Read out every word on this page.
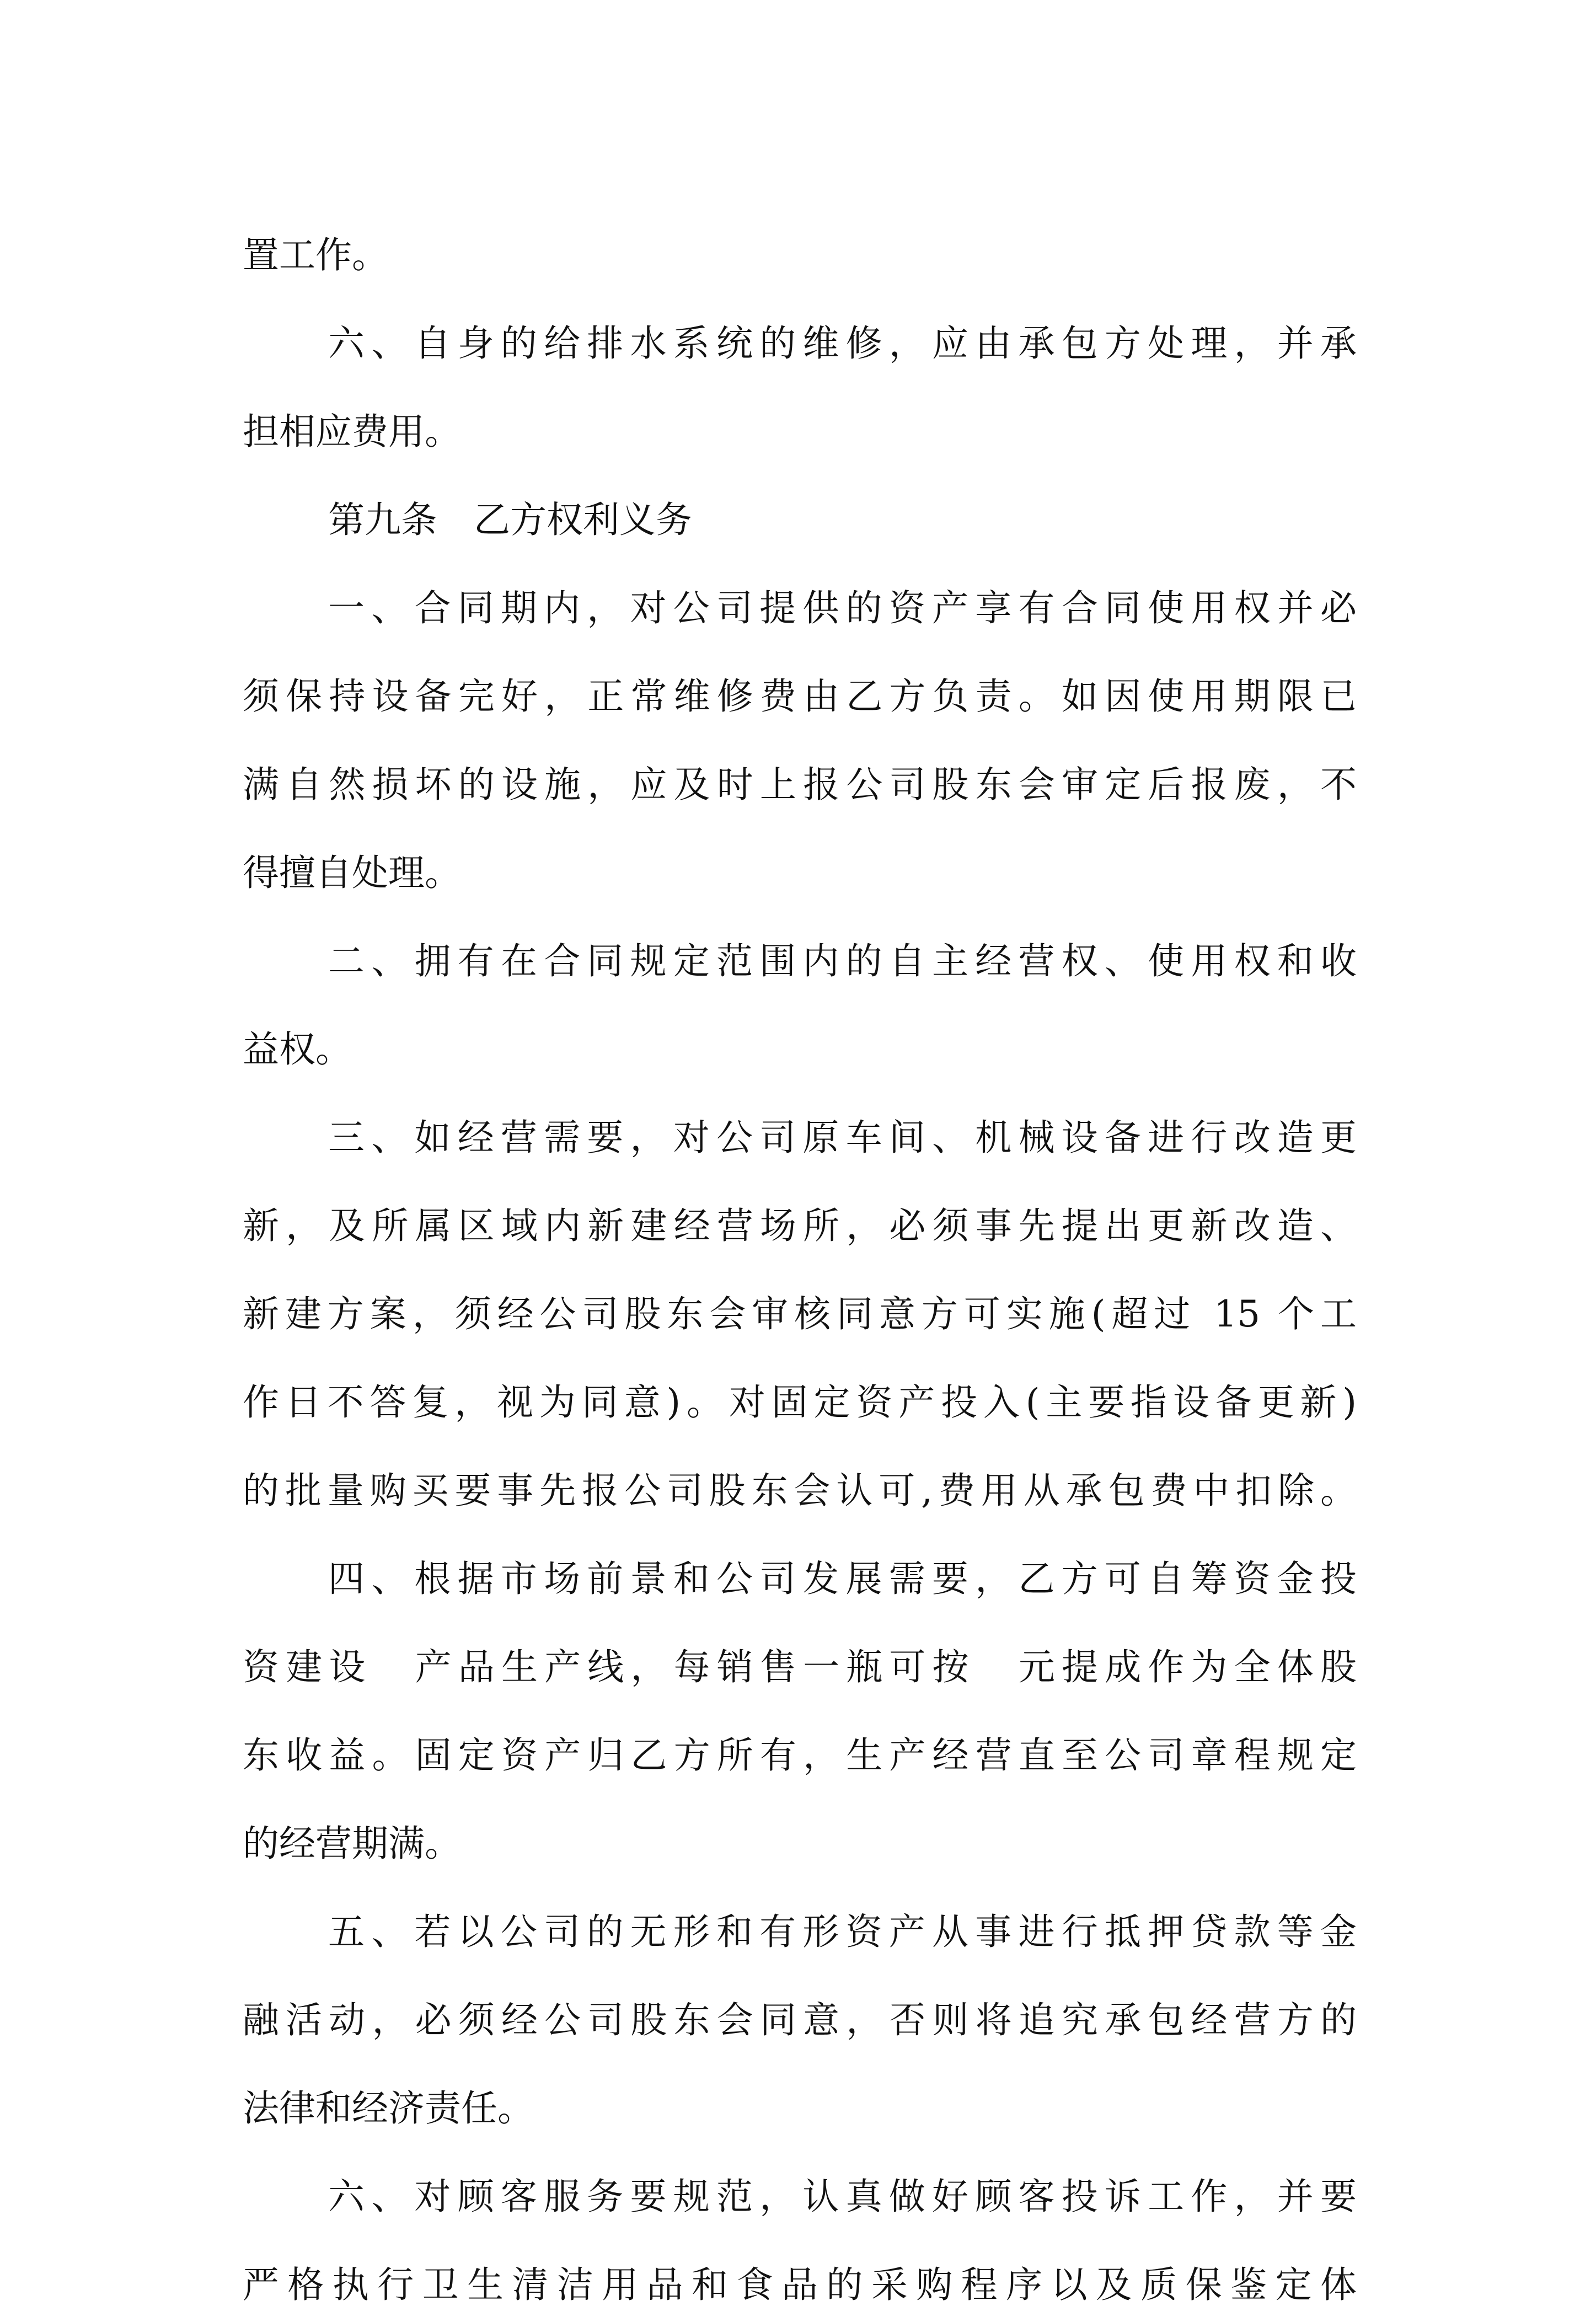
置工作。
六、自身的给排水系统的维修，应由承包方处理，并承
担相应费用。
第九条　乙方权利义务
一、合同期内，对公司提供的资产享有合同使用权并必
须保持设备完好，正常维修费由乙方负责。如因使用期限已
满自然损坏的设施，应及时上报公司股东会审定后报废，不
得擅自处理。
二、拥有在合同规定范围内的自主经营权、使用权和收
益权。
三、如经营需要，对公司原车间、机械设备进行改造更
新，及所属区域内新建经营场所，必须事先提出更新改造、
新建方案，须经公司股东会审核同意方可实施(超过 15 个工
作日不答复，视为同意)。对固定资产投入(主要指设备更新)
的批量购买要事先报公司股东会认可,费用从承包费中扣除。
四、根据市场前景和公司发展需要，乙方可自筹资金投
资建设　产品生产线，每销售一瓶可按　元提成作为全体股
东收益。固定资产归乙方所有，生产经营直至公司章程规定
的经营期满。
五、若以公司的无形和有形资产从事进行抵押贷款等金
融活动，必须经公司股东会同意，否则将追究承包经营方的
法律和经济责任。
六、对顾客服务要规范，认真做好顾客投诉工作，并要
严格执行卫生清洁用品和食品的采购程序以及质保鉴定体
